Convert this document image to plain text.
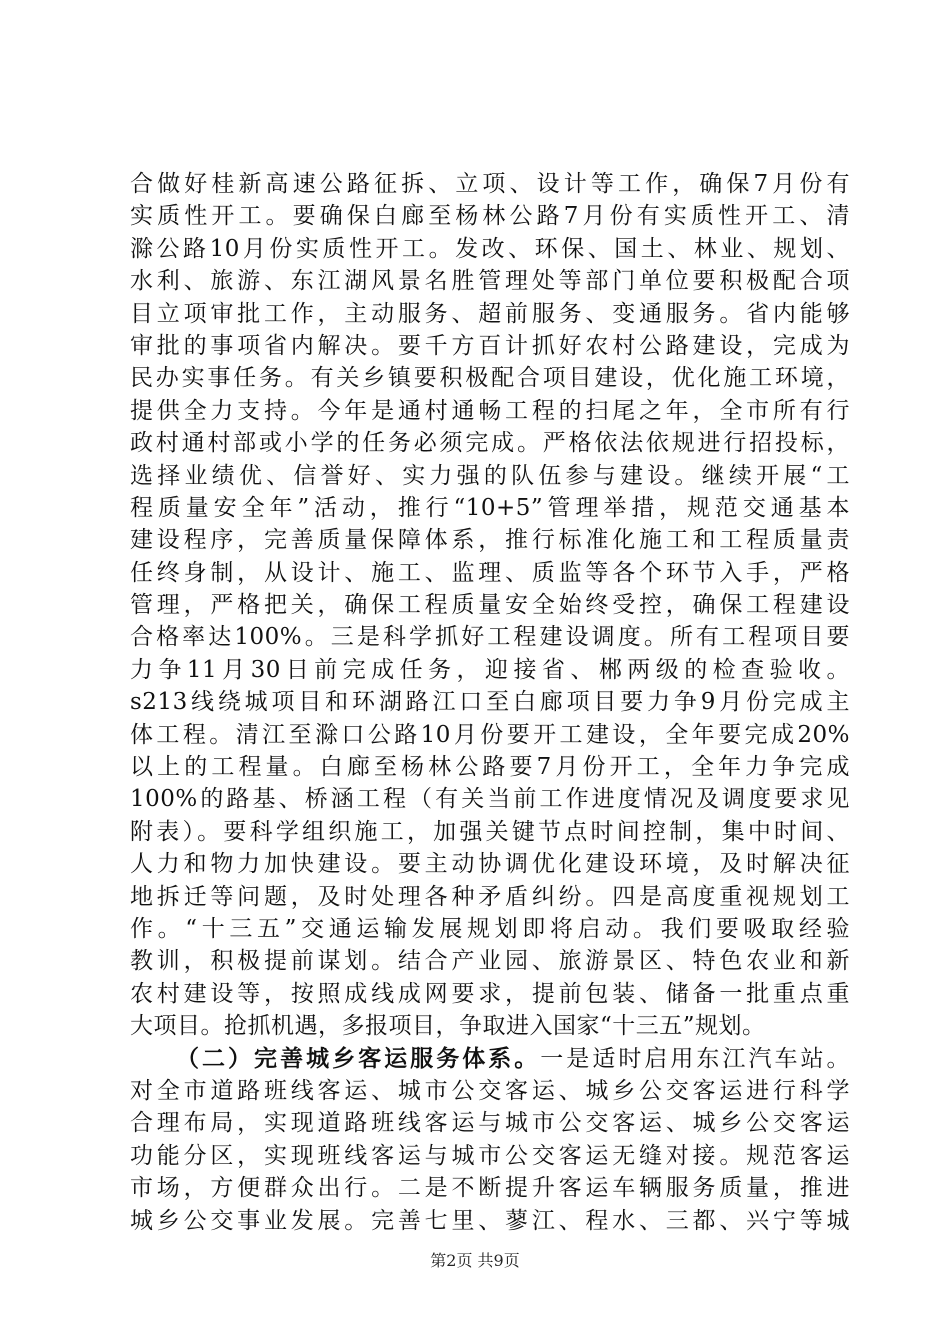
合做好桂新高速公路征拆、立项、设计等工作，确保7月份有
实质性开工。要确保白廊至杨林公路7月份有实质性开工、清
滁公路10月份实质性开工。发改、环保、国土、林业、规划、
水利、旅游、东江湖风景名胜管理处等部门单位要积极配合项
目立项审批工作，主动服务、超前服务、变通服务。省内能够
审批的事项省内解决。要千方百计抓好农村公路建设，完成为
民办实事任务。有关乡镇要积极配合项目建设，优化施工环境，
提供全力支持。今年是通村通畅工程的扫尾之年，全市所有行
政村通村部或小学的任务必须完成。严格依法依规进行招投标，
选择业绩优、信誉好、实力强的队伍参与建设。继续开展“工
程质量安全年”活动，推行“10+5”管理举措，规范交通基本
建设程序，完善质量保障体系，推行标准化施工和工程质量责
任终身制，从设计、施工、监理、质监等各个环节入手，严格
管理，严格把关，确保工程质量安全始终受控，确保工程建设
合格率达100%。三是科学抓好工程建设调度。所有工程项目要
力争11月30日前完成任务，迎接省、郴两级的检查验收。
s213线绕城项目和环湖路江口至白廊项目要力争9月份完成主
体工程。清江至滁口公路10月份要开工建设，全年要完成20%
以上的工程量。白廊至杨林公路要7月份开工，全年力争完成
100%的路基、桥涵工程（有关当前工作进度情况及调度要求见
附表）。要科学组织施工，加强关键节点时间控制，集中时间、
人力和物力加快建设。要主动协调优化建设环境，及时解决征
地拆迁等问题，及时处理各种矛盾纠纷。四是高度重视规划工
作。“十三五”交通运输发展规划即将启动。我们要吸取经验
教训，积极提前谋划。结合产业园、旅游景区、特色农业和新
农村建设等，按照成线成网要求，提前包装、储备一批重点重
大项目。抢抓机遇，多报项目，争取进入国家“十三五”规划。
（二）完善城乡客运服务体系。一是适时启用东江汽车站。
对全市道路班线客运、城市公交客运、城乡公交客运进行科学
合理布局，实现道路班线客运与城市公交客运、城乡公交客运
功能分区，实现班线客运与城市公交客运无缝对接。规范客运
市场，方便群众出行。二是不断提升客运车辆服务质量，推进
城乡公交事业发展。完善七里、蓼江、程水、三都、兴宁等城
第2页 共9页
